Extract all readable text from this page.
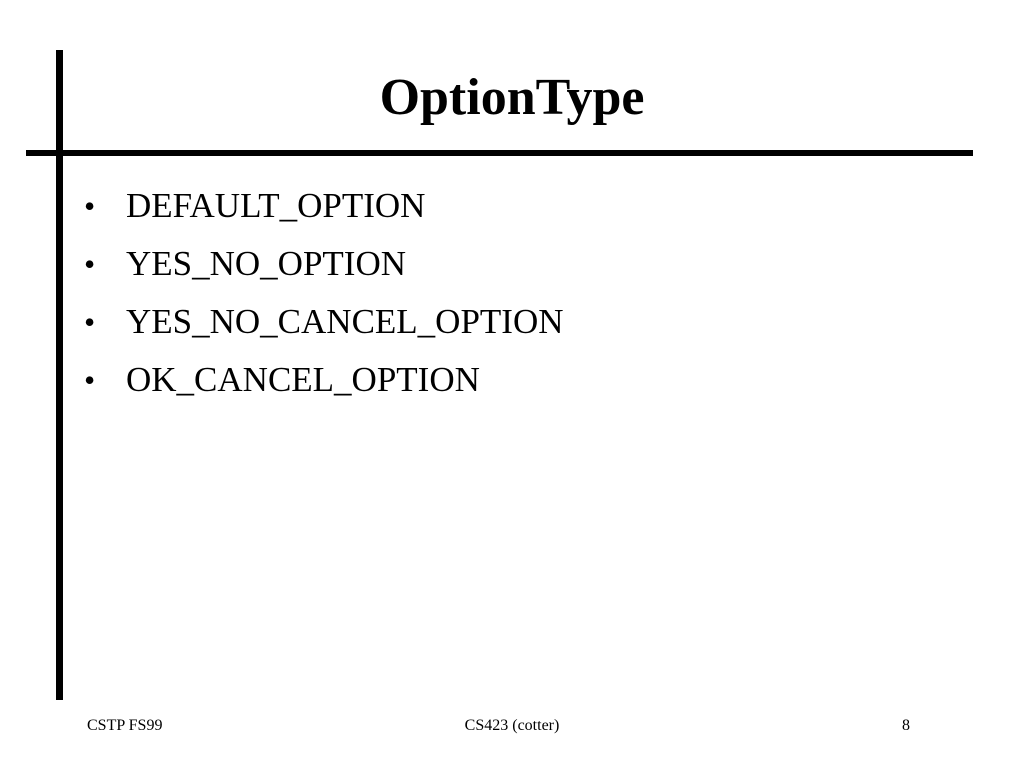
OptionType
• DEFAULT_OPTION
• YES_NO_OPTION
• YES_NO_CANCEL_OPTION
• OK_CANCEL_OPTION
CSTP FS99	CS423 (cotter)	8
